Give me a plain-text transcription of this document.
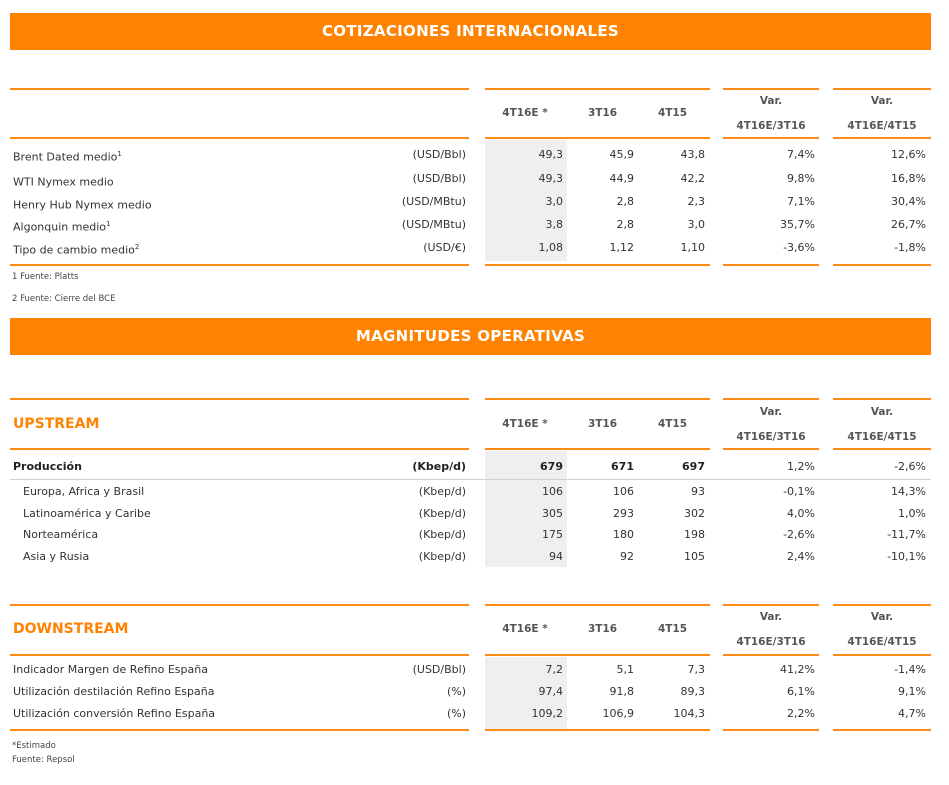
COTIZACIONES INTERNACIONALES
4T16E *	3T16	4T15
Var.
4T16E/3T16
Var.
4T16E/4T15
Brent Dated medio$^1$	(USD/Bbl)	49,3	45,9	43,8	7,4%	12,6%
WTI Nymex medio	(USD/Bbl)	49,3	44,9	42,2	9,8%	16,8%
Henry Hub Nymex medio	(USD/MBtu)	3,0	2,8	2,3	7,1%	30,4%
Algonquin medio$^1$	(USD/MBtu)	3,8	2,8	3,0	35,7%	26,7%
Tipo de cambio medio$^2$	(USD/€)	1,08	1,12	1,10	-3,6%	-1,8%
1 Fuente: Platts
2 Fuente: Cierre del BCE
MAGNITUDES OPERATIVAS
UPSTREAM	4T16E *	3T16	4T15
Var.
4T16E/3T16
Var.
4T16E/4T15
Producción	(Kbep/d)	679	671	697	1,2%	-2,6%
Europa, Africa y Brasil	(Kbep/d)	106	106	93	-0,1%	14,3%
Latinoamérica y Caribe	(Kbep/d)	305	293	302	4,0%	1,0%
Norteamérica	(Kbep/d)	175	180	198	-2,6%	-11,7%
Asia y Rusia	(Kbep/d)	94	92	105	2,4%	-10,1%
DOWNSTREAM	4T16E *	3T16	4T15
Var.
4T16E/3T16
Var.
4T16E/4T15
Indicador Margen de Refino España	(USD/Bbl)	7,2	5,1	7,3	41,2%	-1,4%
Utilización destilación Refino España	(%)	97,4	91,8	89,3	6,1%	9,1%
Utilización conversión Refino España	(%)	109,2	106,9	104,3	2,2%	4,7%
*Estimado
Fuente: Repsol
